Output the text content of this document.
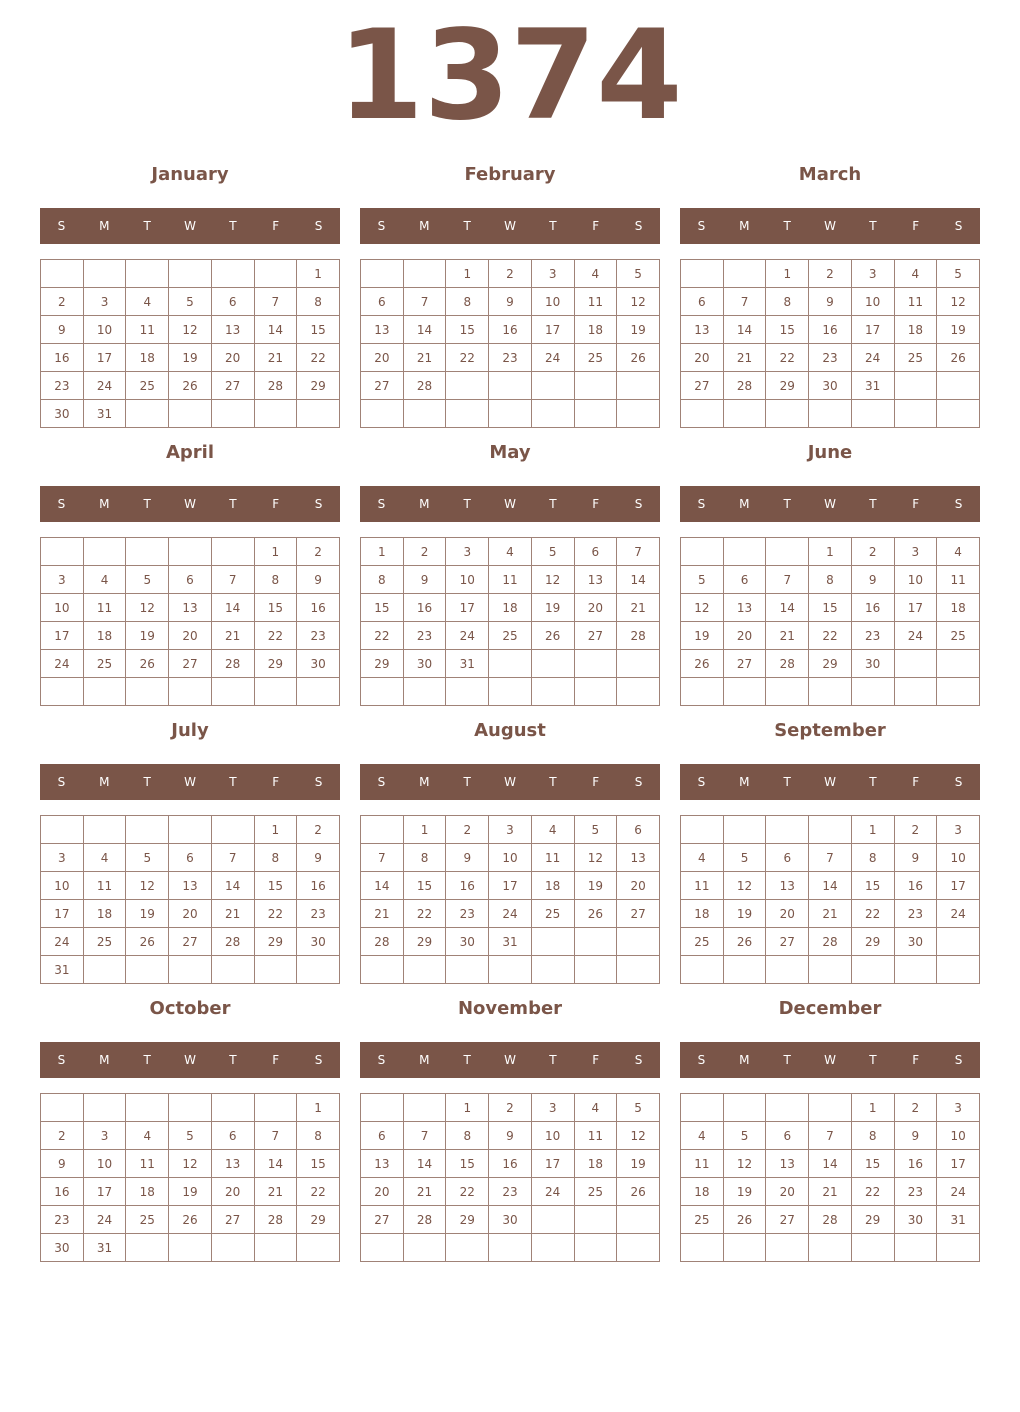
1374
January
S	M	T	W	T	F	S
						1
2	3	4	5	6	7	8
9	10	11	12	13	14	15
16	17	18	19	20	21	22
23	24	25	26	27	28	29
30	31					
February
S	M	T	W	T	F	S
		1	2	3	4	5
6	7	8	9	10	11	12
13	14	15	16	17	18	19
20	21	22	23	24	25	26
27	28					

March
S	M	T	W	T	F	S
		1	2	3	4	5
6	7	8	9	10	11	12
13	14	15	16	17	18	19
20	21	22	23	24	25	26
27	28	29	30	31		

April
S	M	T	W	T	F	S
					1	2
3	4	5	6	7	8	9
10	11	12	13	14	15	16
17	18	19	20	21	22	23
24	25	26	27	28	29	30

May
S	M	T	W	T	F	S
1	2	3	4	5	6	7
8	9	10	11	12	13	14
15	16	17	18	19	20	21
22	23	24	25	26	27	28
29	30	31				

June
S	M	T	W	T	F	S
			1	2	3	4
5	6	7	8	9	10	11
12	13	14	15	16	17	18
19	20	21	22	23	24	25
26	27	28	29	30		

July
S	M	T	W	T	F	S
					1	2
3	4	5	6	7	8	9
10	11	12	13	14	15	16
17	18	19	20	21	22	23
24	25	26	27	28	29	30
31						
August
S	M	T	W	T	F	S
	1	2	3	4	5	6
7	8	9	10	11	12	13
14	15	16	17	18	19	20
21	22	23	24	25	26	27
28	29	30	31			

September
S	M	T	W	T	F	S
				1	2	3
4	5	6	7	8	9	10
11	12	13	14	15	16	17
18	19	20	21	22	23	24
25	26	27	28	29	30	

October
S	M	T	W	T	F	S
						1
2	3	4	5	6	7	8
9	10	11	12	13	14	15
16	17	18	19	20	21	22
23	24	25	26	27	28	29
30	31					
November
S	M	T	W	T	F	S
		1	2	3	4	5
6	7	8	9	10	11	12
13	14	15	16	17	18	19
20	21	22	23	24	25	26
27	28	29	30			

December
S	M	T	W	T	F	S
				1	2	3
4	5	6	7	8	9	10
11	12	13	14	15	16	17
18	19	20	21	22	23	24
25	26	27	28	29	30	31
